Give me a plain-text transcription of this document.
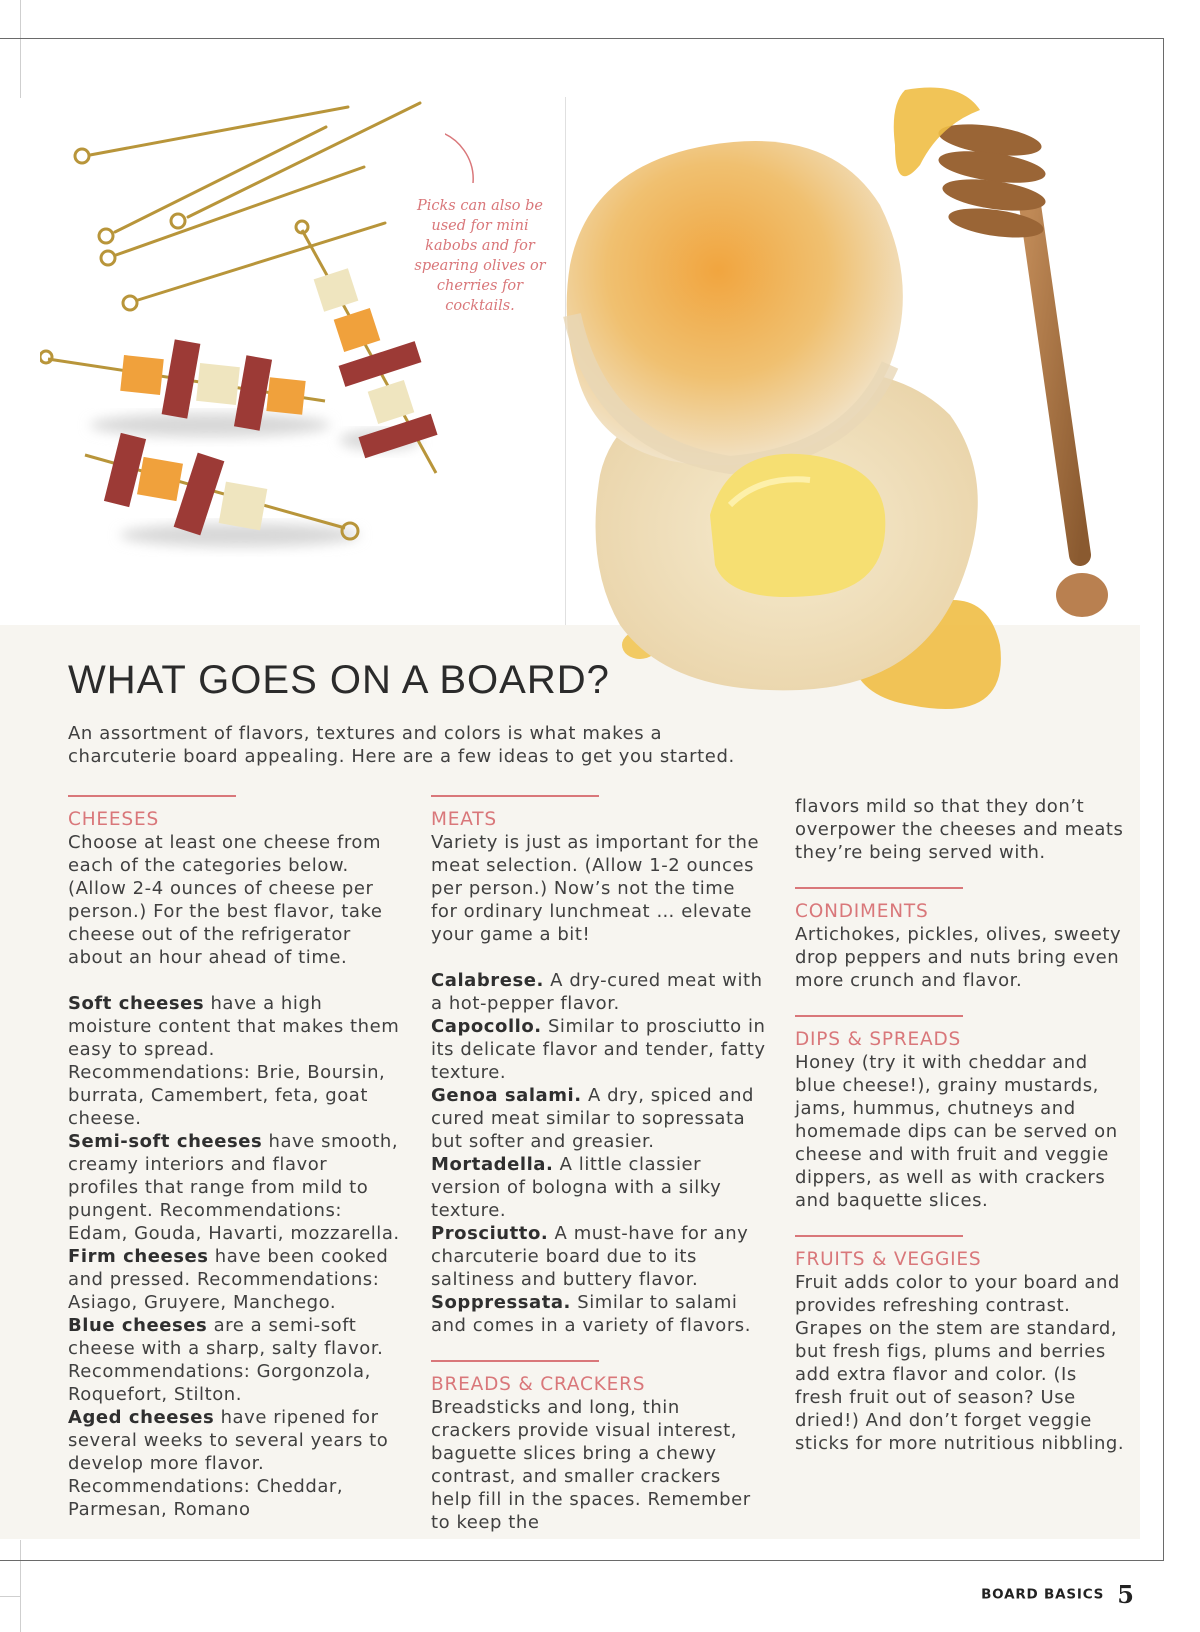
Picks can also be used for mini kabobs and for spearing olives or cherries for cocktails.
WHAT GOES ON A BOARD?

An assortment of flavors, textures and colors is what makes a charcuterie board appealing. Here are a few ideas to get you started.

CHEESES

Choose at least one cheese from each of the categories below. (Allow 2-4 ounces of cheese per person.) For the best flavor, take cheese out of the refrigerator about an hour ahead of time.

Soft cheeses have a high moisture content that makes them easy to spread. Recommendations: Brie, Boursin, burrata, Camembert, feta, goat cheese.

Semi-soft cheeses have smooth, creamy interiors and flavor profiles that range from mild to pungent. Recommendations: Edam, Gouda, Havarti, mozzarella.

Firm cheeses have been cooked and pressed. Recommendations: Asiago, Gruyere, Manchego.

Blue cheeses are a semi-soft cheese with a sharp, salty flavor. Recommendations: Gorgonzola, Roquefort, Stilton.

Aged cheeses have ripened for several weeks to several years to develop more flavor. Recommendations: Cheddar, Parmesan, Romano

MEATS

Variety is just as important for the meat selection. (Allow 1-2 ounces per person.) Now’s not the time for ordinary lunchmeat … elevate your game a bit!

Calabrese. A dry-cured meat with a hot-pepper flavor.

Capocollo. Similar to prosciutto in its delicate flavor and tender, fatty texture.

Genoa salami. A dry, spiced and cured meat similar to sopressata but softer and greasier.

Mortadella. A little classier version of bologna with a silky texture.

Prosciutto. A must-have for any charcuterie board due to its saltiness and buttery flavor.

Soppressata. Similar to salami and comes in a variety of flavors.

BREADS & CRACKERS

Breadsticks and long, thin crackers provide visual interest, baguette slices bring a chewy contrast, and smaller crackers help fill in the spaces. Remember to keep the

flavors mild so that they don’t overpower the cheeses and meats they’re being served with.

CONDIMENTS

Artichokes, pickles, olives, sweety drop peppers and nuts bring even more crunch and flavor.

DIPS & SPREADS

Honey (try it with cheddar and blue cheese!), grainy mustards, jams, hummus, chutneys and homemade dips can be served on cheese and with fruit and veggie dippers, as well as with crackers and baquette slices.

FRUITS & VEGGIES

Fruit adds color to your board and provides refreshing contrast. Grapes on the stem are standard, but fresh figs, plums and berries add extra flavor and color. (Is fresh fruit out of season? Use dried!) And don’t forget veggie sticks for more nutritious nibbling.

BOARD BASICS 5
